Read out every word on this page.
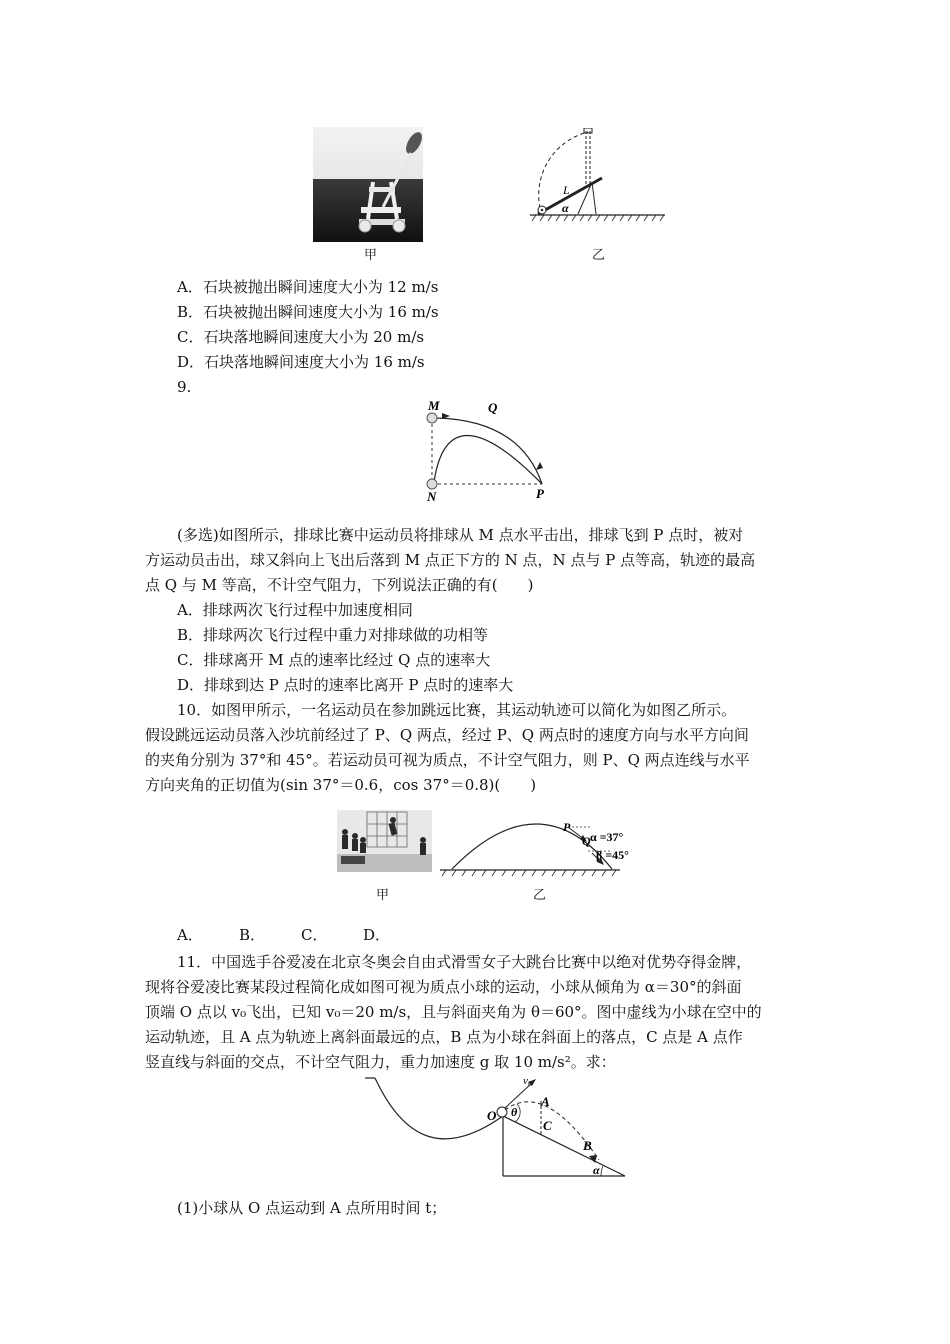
甲
L
α
乙
A．石块被抛出瞬间速度大小为 12 m/s
B．石块被抛出瞬间速度大小为 16 m/s
C．石块落地瞬间速度大小为 20 m/s
D．石块落地瞬间速度大小为 16 m/s
9.
M	Q
N	P
(多选)如图所示，排球比赛中运动员将排球从 M 点水平击出，排球飞到 P 点时，被对
方运动员击出，球又斜向上飞出后落到 M 点正下方的 N 点，N 点与 P 点等高，轨迹的最高
点 Q 与 M 等高，不计空气阻力，下列说法正确的有(　　)
A．排球两次飞行过程中加速度相同
B．排球两次飞行过程中重力对排球做的功相等
C．排球离开 M 点的速率比经过 Q 点的速率大
D．排球到达 P 点时的速率比离开 P 点时的速率大
10．如图甲所示，一名运动员在参加跳远比赛，其运动轨迹可以简化为如图乙所示。
假设跳远运动员落入沙坑前经过了 P、Q 两点，经过 P、Q 两点时的速度方向与水平方向间
的夹角分别为 37°和 45°。若运动员可视为质点，不计空气阻力，则 P、Q 两点连线与水平
方向夹角的正切值为(sin 37°＝0.6，cos 37°＝0.8)(　　)
甲
P
Q α =37°
β =45°
乙
A． B． C． D．
11．中国选手谷爱凌在北京冬奥会自由式滑雪女子大跳台比赛中以绝对优势夺得金牌，
现将谷爱凌比赛某段过程简化成如图可视为质点小球的运动，小球从倾角为 α＝30°的斜面
顶端 O 点以 v₀飞出，已知 v₀＝20 m/s，且与斜面夹角为 θ＝60°。图中虚线为小球在空中的
运动轨迹，且 A 点为轨迹上离斜面最远的点，B 点为小球在斜面上的落点，C 点是 A 点作
竖直线与斜面的交点，不计空气阻力，重力加速度 g 取 10 m/s²。求：
v₀
O θ
A
C
B
α
(1)小球从 O 点运动到 A 点所用时间 t；
